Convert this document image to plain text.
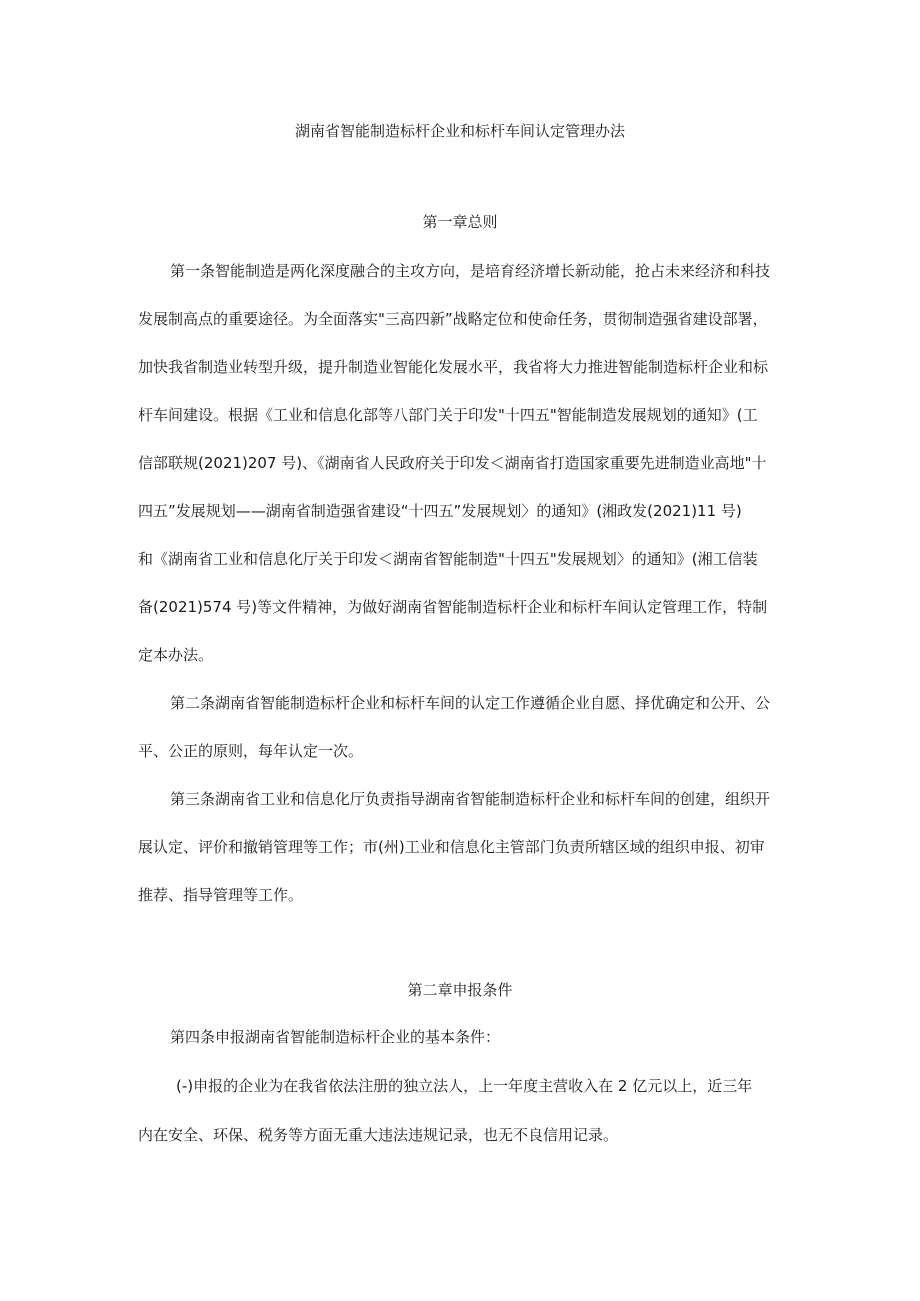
湖南省智能制造标杆企业和标杆车间认定管理办法
第一章总则
第一条智能制造是两化深度融合的主攻方向，是培育经济增长新动能，抢占未来经济和科技
发展制高点的重要途径。为全面落实"三高四新”战略定位和使命任务，贯彻制造强省建设部署，
加快我省制造业转型升级，提升制造业智能化发展水平，我省将大力推进智能制造标杆企业和标
杆车间建设。根据《工业和信息化部等八部门关于印发"十四五"智能制造发展规划的通知》(工
信部联规(2021)207 号)、《湖南省人民政府关于印发＜湖南省打造国家重要先进制造业高地"十
四五”发展规划——湖南省制造强省建设“十四五”发展规划〉的通知》(湘政发(2021)11 号)
和《湖南省工业和信息化厅关于印发＜湖南省智能制造"十四五"发展规划〉的通知》(湘工信装
备(2021)574 号)等文件精神，为做好湖南省智能制造标杆企业和标杆车间认定管理工作，特制
定本办法。
第二条湖南省智能制造标杆企业和标杆车间的认定工作遵循企业自愿、择优确定和公开、公
平、公正的原则，每年认定一次。
第三条湖南省工业和信息化厅负责指导湖南省智能制造标杆企业和标杆车间的创建，组织开
展认定、评价和撤销管理等工作；市(州)工业和信息化主管部门负责所辖区域的组织申报、初审
推荐、指导管理等工作。
第二章申报条件
第四条申报湖南省智能制造标杆企业的基本条件：
(-)申报的企业为在我省依法注册的独立法人，上一年度主营收入在 2 亿元以上，近三年
内在安全、环保、税务等方面无重大违法违规记录，也无不良信用记录。
